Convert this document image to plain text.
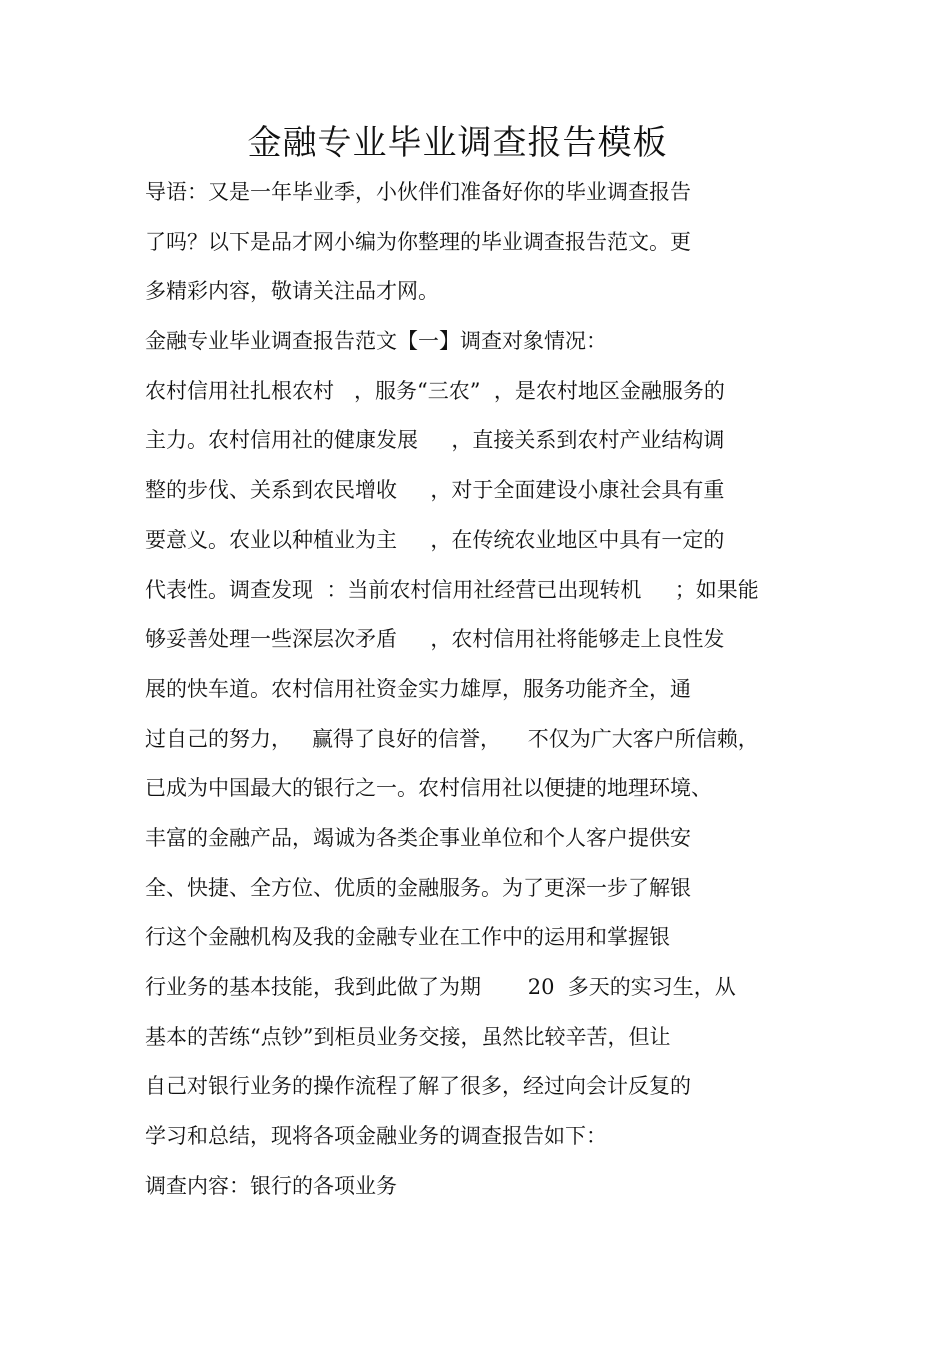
金融专业毕业调查报告模板
导语：又是一年毕业季，小伙伴们准备好你的毕业调查报告
了吗？以下是品才网小编为你整理的毕业调查报告范文。更
多精彩内容，敬请关注品才网。
金融专业毕业调查报告范文【一】调查对象情况：
农村信用社扎根农村   ，服务“三农”  ，是农村地区金融服务的
主力。农村信用社的健康发展     ，直接关系到农村产业结构调
整的步伐、关系到农民增收     ，对于全面建设小康社会具有重
要意义。农业以种植业为主     ，在传统农业地区中具有一定的
代表性。调查发现  ：当前农村信用社经营已出现转机     ；如果能
够妥善处理一些深层次矛盾     ，农村信用社将能够走上良性发
展的快车道。农村信用社资金实力雄厚，服务功能齐全，通
过自己的努力，   赢得了良好的信誉，    不仅为广大客户所信赖，
已成为中国最大的银行之一。农村信用社以便捷的地理环境、
丰富的金融产品，竭诚为各类企事业单位和个人客户提供安
全、快捷、全方位、优质的金融服务。为了更深一步了解银
行这个金融机构及我的金融专业在工作中的运用和掌握银
行业务的基本技能，我到此做了为期       20  多天的实习生，从
基本的苦练“点钞”到柜员业务交接，虽然比较辛苦，但让
自己对银行业务的操作流程了解了很多，经过向会计反复的
学习和总结，现将各项金融业务的调查报告如下：
调查内容：银行的各项业务
